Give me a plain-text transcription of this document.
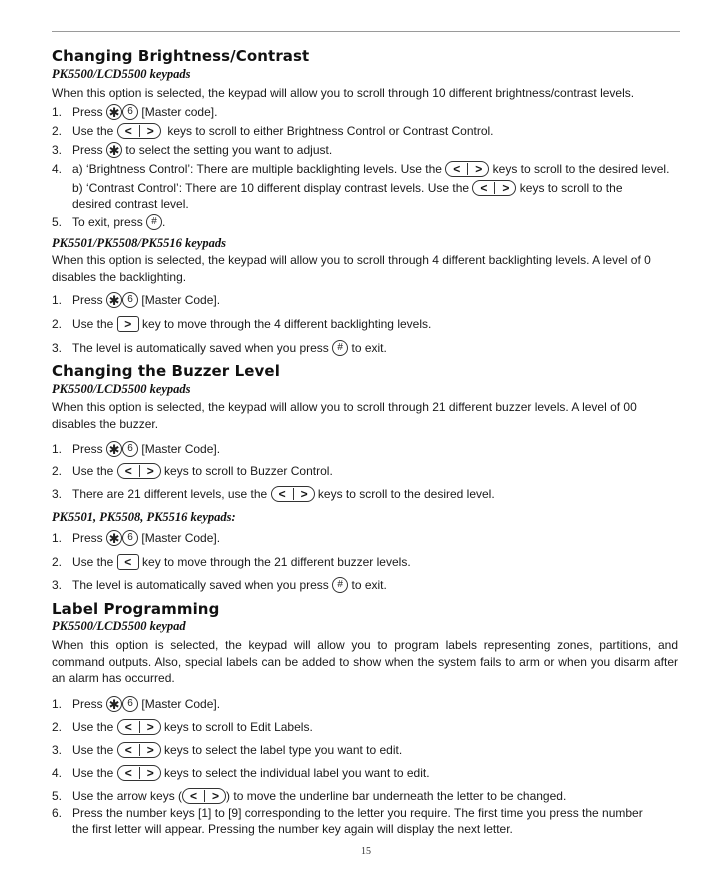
Changing Brightness/Contrast
PK5500/LCD5500 keypads
When this option is selected, the keypad will allow you to scroll through 10 different brightness/contrast levels.
1. Press ✱ 6 [Master code].
2. Use the <	>	keys to scroll to either Brightness Control or Contrast Control.
3. Press ✱ to select the setting you want to adjust.
4. a) ‘Brightness Control’: There are multiple backlighting levels. Use the <	> keys to scroll to the desired level.
b) ‘Contrast Control’: There are 10 different display contrast levels. Use the <	> keys to scroll to the
desired contrast level.
5. To exit, press # .
PK5501/PK5508/PK5516 keypads
When this option is selected, the keypad will allow you to scroll through 4 different backlighting levels. A level of 0 disables the backlighting.
1. Press ✱ 6 [Master Code].
2. Use the > key to move through the 4 different backlighting levels.
3. The level is automatically saved when you press # to exit.
Changing the Buzzer Level
PK5500/LCD5500 keypads
When this option is selected, the keypad will allow you to scroll through 21 different buzzer levels. A level of 00 disables the buzzer.
1. Press ✱ 6 [Master Code].
2. Use the <	> keys to scroll to Buzzer Control.
3. There are 21 different levels, use the <	> keys to scroll to the desired level.
PK5501, PK5508, PK5516 keypads:
1. Press ✱ 6 [Master Code].
2. Use the < key to move through the 21 different buzzer levels.
3. The level is automatically saved when you press # to exit.
Label Programming
PK5500/LCD5500 keypad
When this option is selected, the keypad will allow you to program labels representing zones, partitions, and command outputs. Also, special labels can be added to show when the system fails to arm or when you disarm after an alarm has occurred.
1. Press ✱ 6 [Master Code].
2. Use the <	> keys to scroll to Edit Labels.
3. Use the <	> keys to select the label type you want to edit.
4. Use the <	> keys to select the individual label you want to edit.
5. Use the arrow keys ( <	> ) to move the underline bar underneath the letter to be changed.
6. Press the number keys [1] to [9] corresponding to the letter you require. The first time you press the number
the first letter will appear. Pressing the number key again will display the next letter.
15
